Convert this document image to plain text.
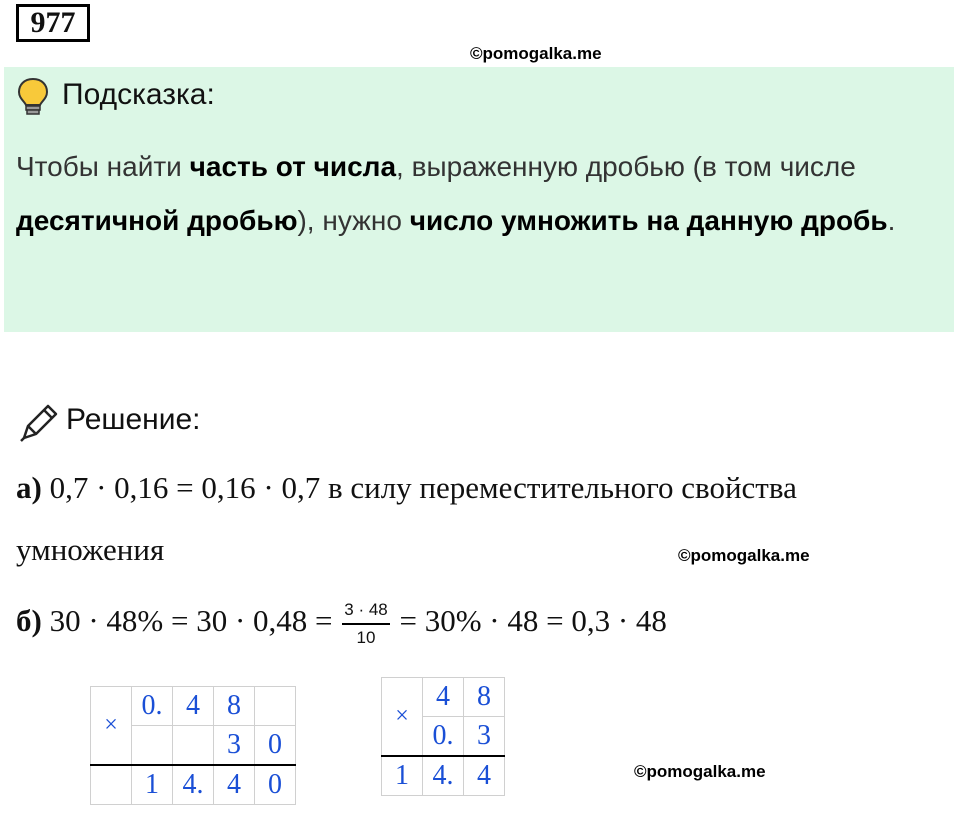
977
©pomogalka.me
Подсказка:
Чтобы найти часть от числа, выраженную дробью (в том числе десятичной дробью), нужно число умножить на данную дробь.
Решение:
а) 0,7 · 0,16 = 0,16 · 0,7 в силу переместительного свойства
умножения	©pomogalka.me
б) $30 \cdot 48\% = 30 \cdot 0,48 = \frac{3 \cdot 48}{10} = 30\% \cdot 48 = 0,3 \cdot 48$
×	0.	4	8	
			3	0
	1	4.	4	0
×	4	8
	0.	3
1	4.	4	©pomogalka.me
